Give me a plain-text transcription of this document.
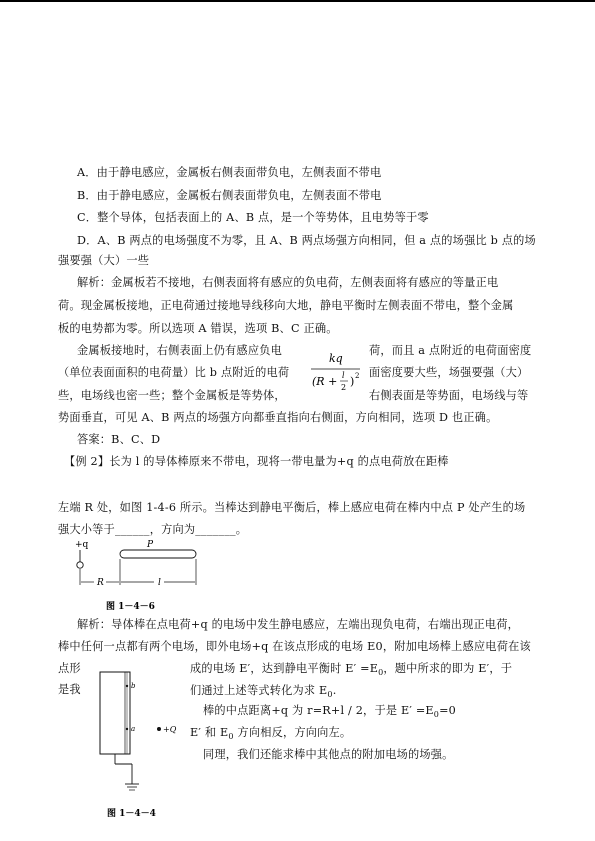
A．由于静电感应，金属板右侧表面带负电，左侧表面不带电
B．由于静电感应，金属板右侧表面带负电，左侧表面不带电
C．整个导体，包括表面上的 A、B 点，是一个等势体，且电势等于零
D．A、B 两点的电场强度不为零，且 A、B 两点场强方向相同，但 a 点的场强比 b 点的场
强要强（大）一些
解析：金属板若不接地，右侧表面将有感应的负电荷，左侧表面将有感应的等量正电
荷。现金属板接地，正电荷通过接地导线移向大地，静电平衡时左侧表面不带电，整个金属
板的电势都为零。所以选项 A 错误，选项 B、C 正确。
金属板接地时，右侧表面上仍有感应负电	荷，而且 a 点附近的电荷面密度
（单位表面面积的电荷量）比 b 点附近的电荷	面密度要大些，场强要强（大）
些，电场线也密一些；整个金属板是等势体，	右侧表面是等势面，电场线与等
势面垂直，可见 A、B 两点的场强方向都垂直指向右侧面，方向相同，选项 D 也正确。
kq
(R + l
2 ) 2
答案：B、C、D
【例 2】长为 l 的导体棒原来不带电，现将一带电量为+q 的点电荷放在距棒
左端 R 处，如图 1-4-6 所示。当棒达到静电平衡后，棒上感应电荷在棒内中点 P 处产生的场
强大小等于______，方向为_______。
+q	P
R	l
图 1－4－6
解析：导体棒在点电荷+q 的电场中发生静电感应，左端出现负电荷，右端出现正电荷，
棒中任何一点都有两个电场，即外电场+q 在该点形成的电场 E0，附加电场棒上感应电荷在该
点形	成的电场 E′，达到静电平衡时 $E' =E_0$，题中所求的即为 E′，于
是我	们通过上述等式转化为求 $E_0$.
棒的中点距离+q 为 r=R+l / 2，于是 $E' =E_0=0$
E′ 和 $E_0$ 方向相反，方向向左。
同理，我们还能求棒中其他点的附加电场的场强。
b
a	+Q
图 1－4－4
